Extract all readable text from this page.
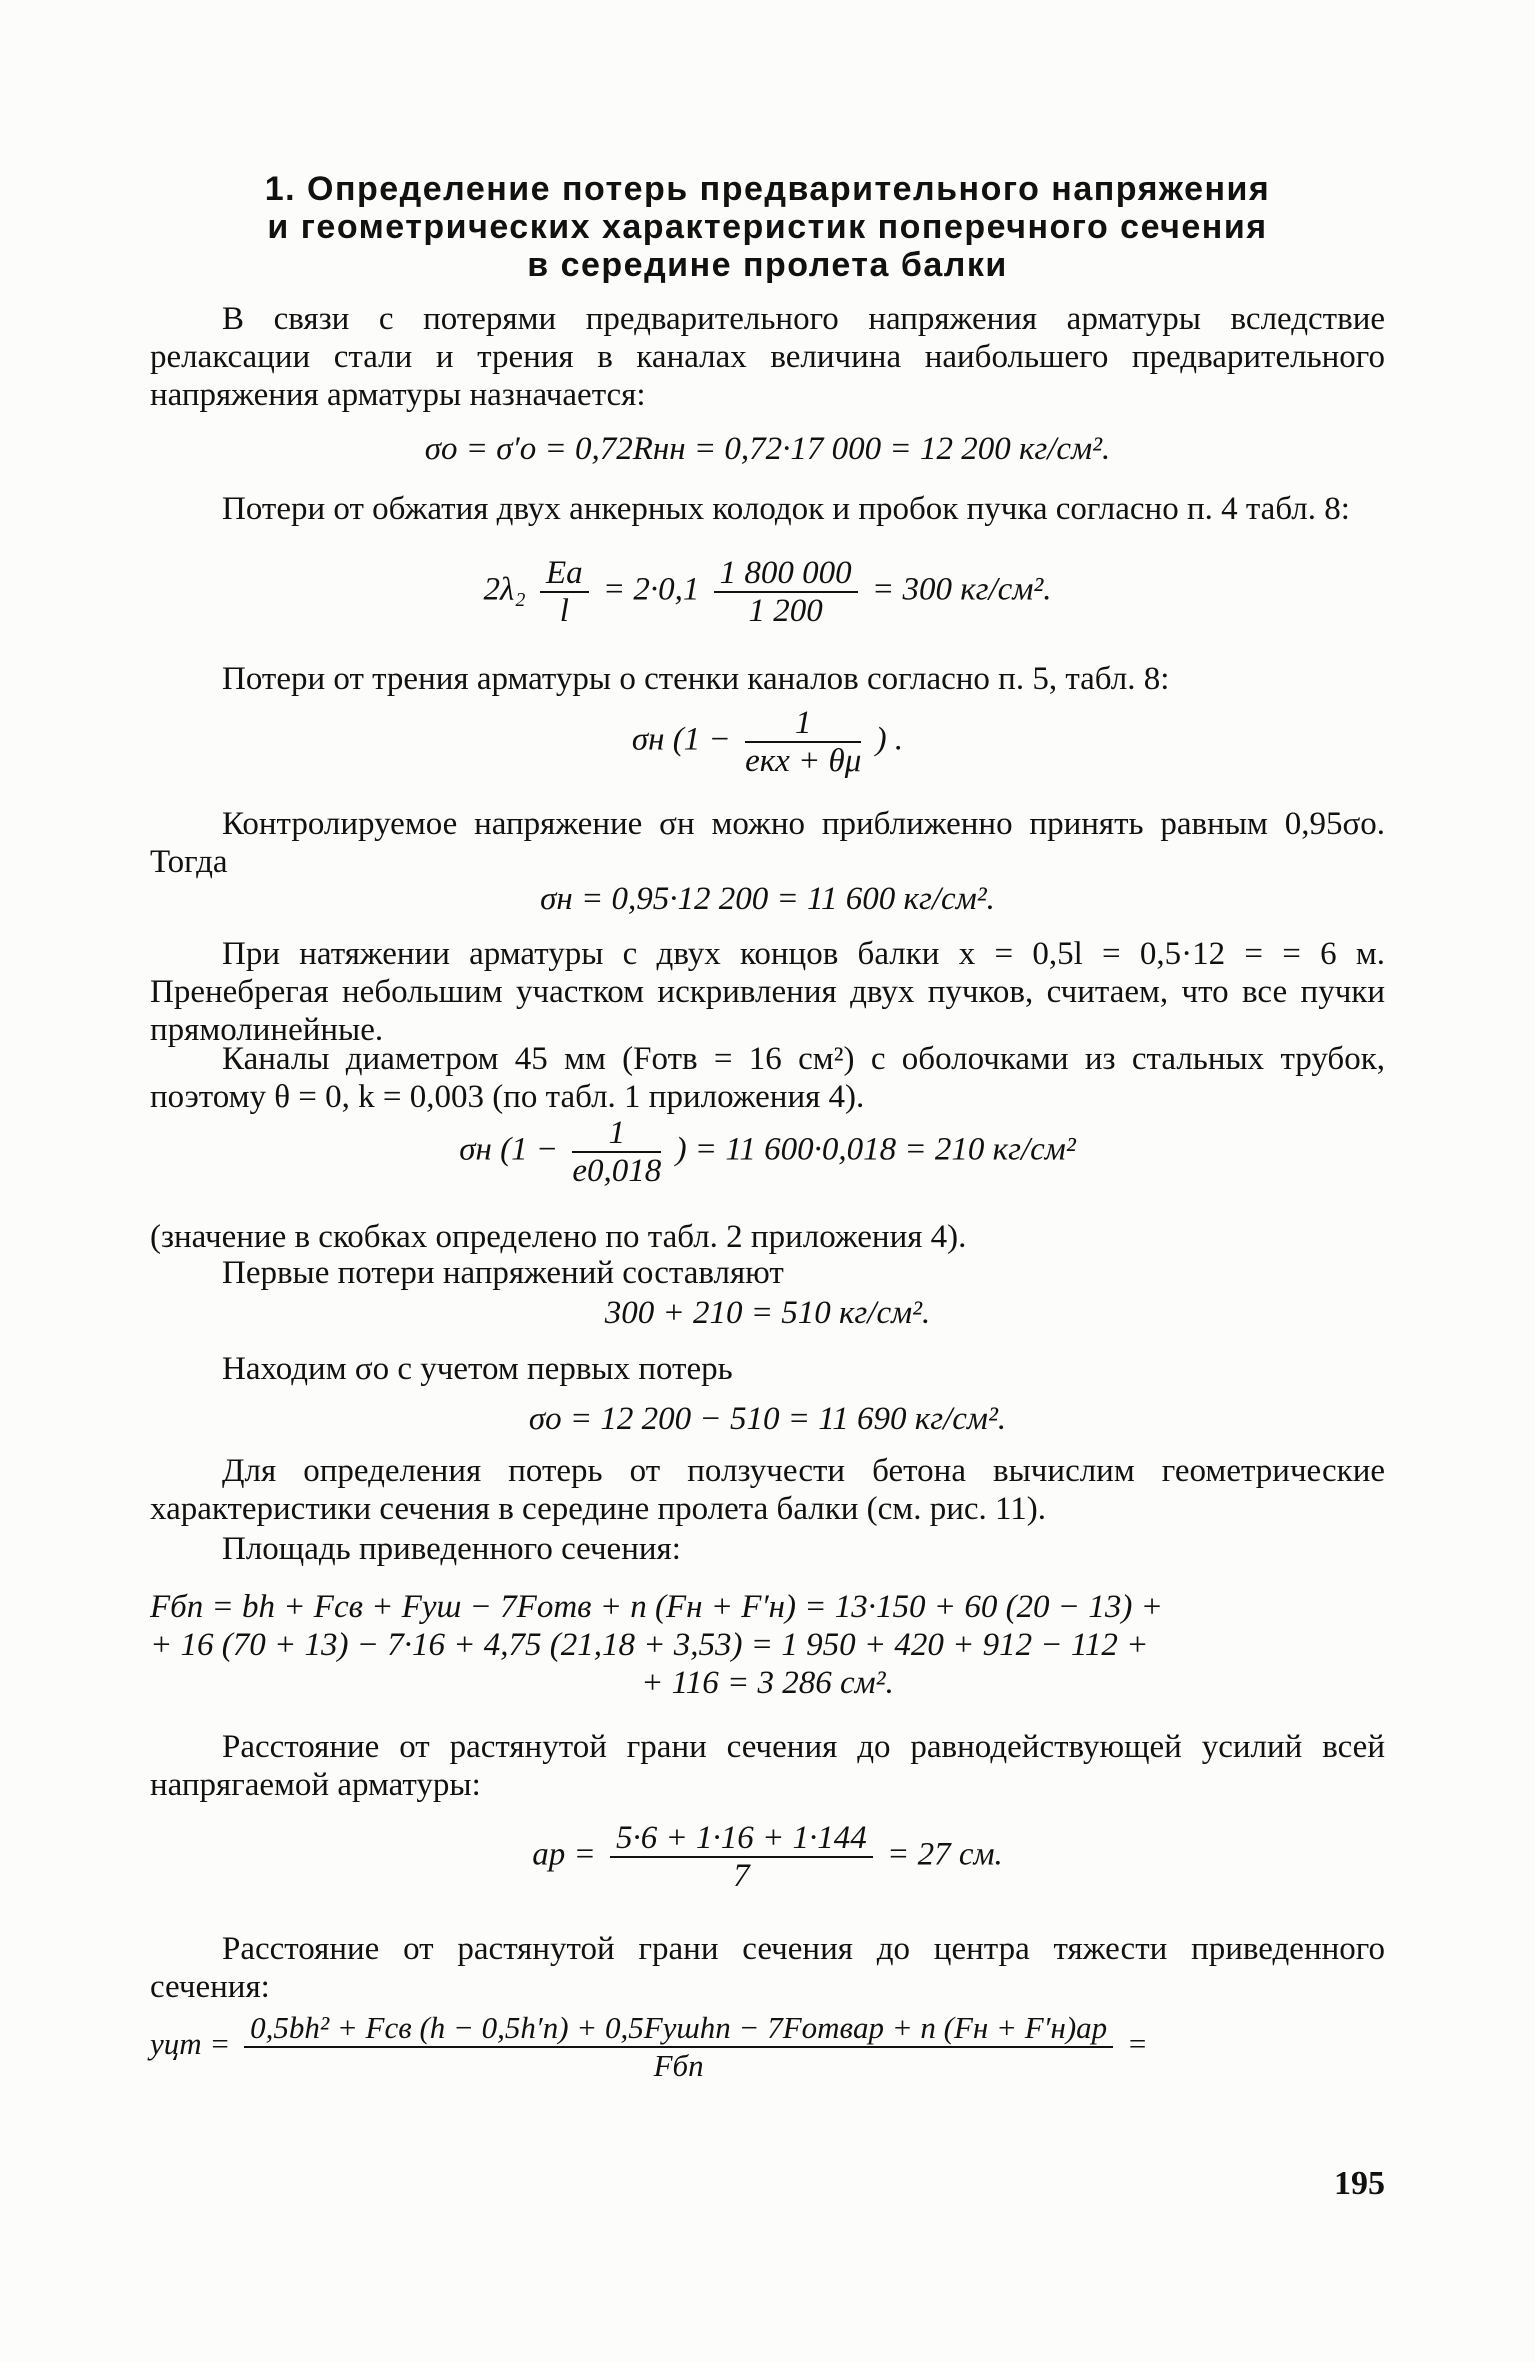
1. Определение потерь предварительного напряжения
и геометрических характеристик поперечного сечения
в середине пролета балки
В связи с потерями предварительного напряжения арматуры вследствие релаксации стали и трения в каналах величина наибольшего предварительного напряжения арматуры назначается:
σо = σ′о = 0,72Rнн = 0,72·17 000 = 12 200 кг/см².
Потери от обжатия двух анкерных колодок и пробок пучка согласно п. 4 табл. 8:
$2\lambda_2 \frac{Eа}{l} = 2\cdot 0,1 \frac{1 800 000}{1 200} = 300$ кг/см².
Потери от трения арматуры о стенки каналов согласно п. 5, табл. 8:
σн ($1 - \frac{1}{\text{eкх + θμ}}$ ) .
Контролируемое напряжение σн можно приближенно принять равным 0,95σо. Тогда
σн = 0,95·12 200 = 11 600 кг/см².
При натяжении арматуры с двух концов балки x = 0,5l = 0,5·12 = = 6 м. Пренебрегая небольшим участком искривления двух пучков, считаем, что все пучки прямолинейные.
Каналы диаметром 45 мм (Fотв = 16 см²) с оболочками из стальных трубок, поэтому θ = 0, k = 0,003 (по табл. 1 приложения 4).
σн ($1 - \frac{1}{e0,018}$ ) = 11 600·0,018 = 210 кг/см²
(значение в скобках определено по табл. 2 приложения 4).
Первые потери напряжений составляют
300 + 210 = 510 кг/см².
Находим σо с учетом первых потерь
σо = 12 200 − 510 = 11 690 кг/см².
Для определения потерь от ползучести бетона вычислим геометрические характеристики сечения в середине пролета балки (см. рис. 11).
Площадь приведенного сечения:
Fбп = bh + Fсв + Fуш − 7Fотв + n (Fн + F′н) = 13·150 + 60 (20 − 13) +
+ 16 (70 + 13) − 7·16 + 4,75 (21,18 + 3,53) = 1 950 + 420 + 912 − 112 +
+ 116 = 3 286 см².
Расстояние от растянутой грани сечения до равнодействующей усилий всей напрягаемой арматуры:
aр = $\frac{5\cdot 6 + 1\cdot 16 + 1\cdot 144}{7} = 27$ см.
Расстояние от растянутой грани сечения до центра тяжести приведенного сечения:
yцт = 0,5bh² + Fсв (h − 0,5h′п) + 0,5Fушhп − 7Fотвaр + n (Fн + F′н)aр
Fбп
=
195
